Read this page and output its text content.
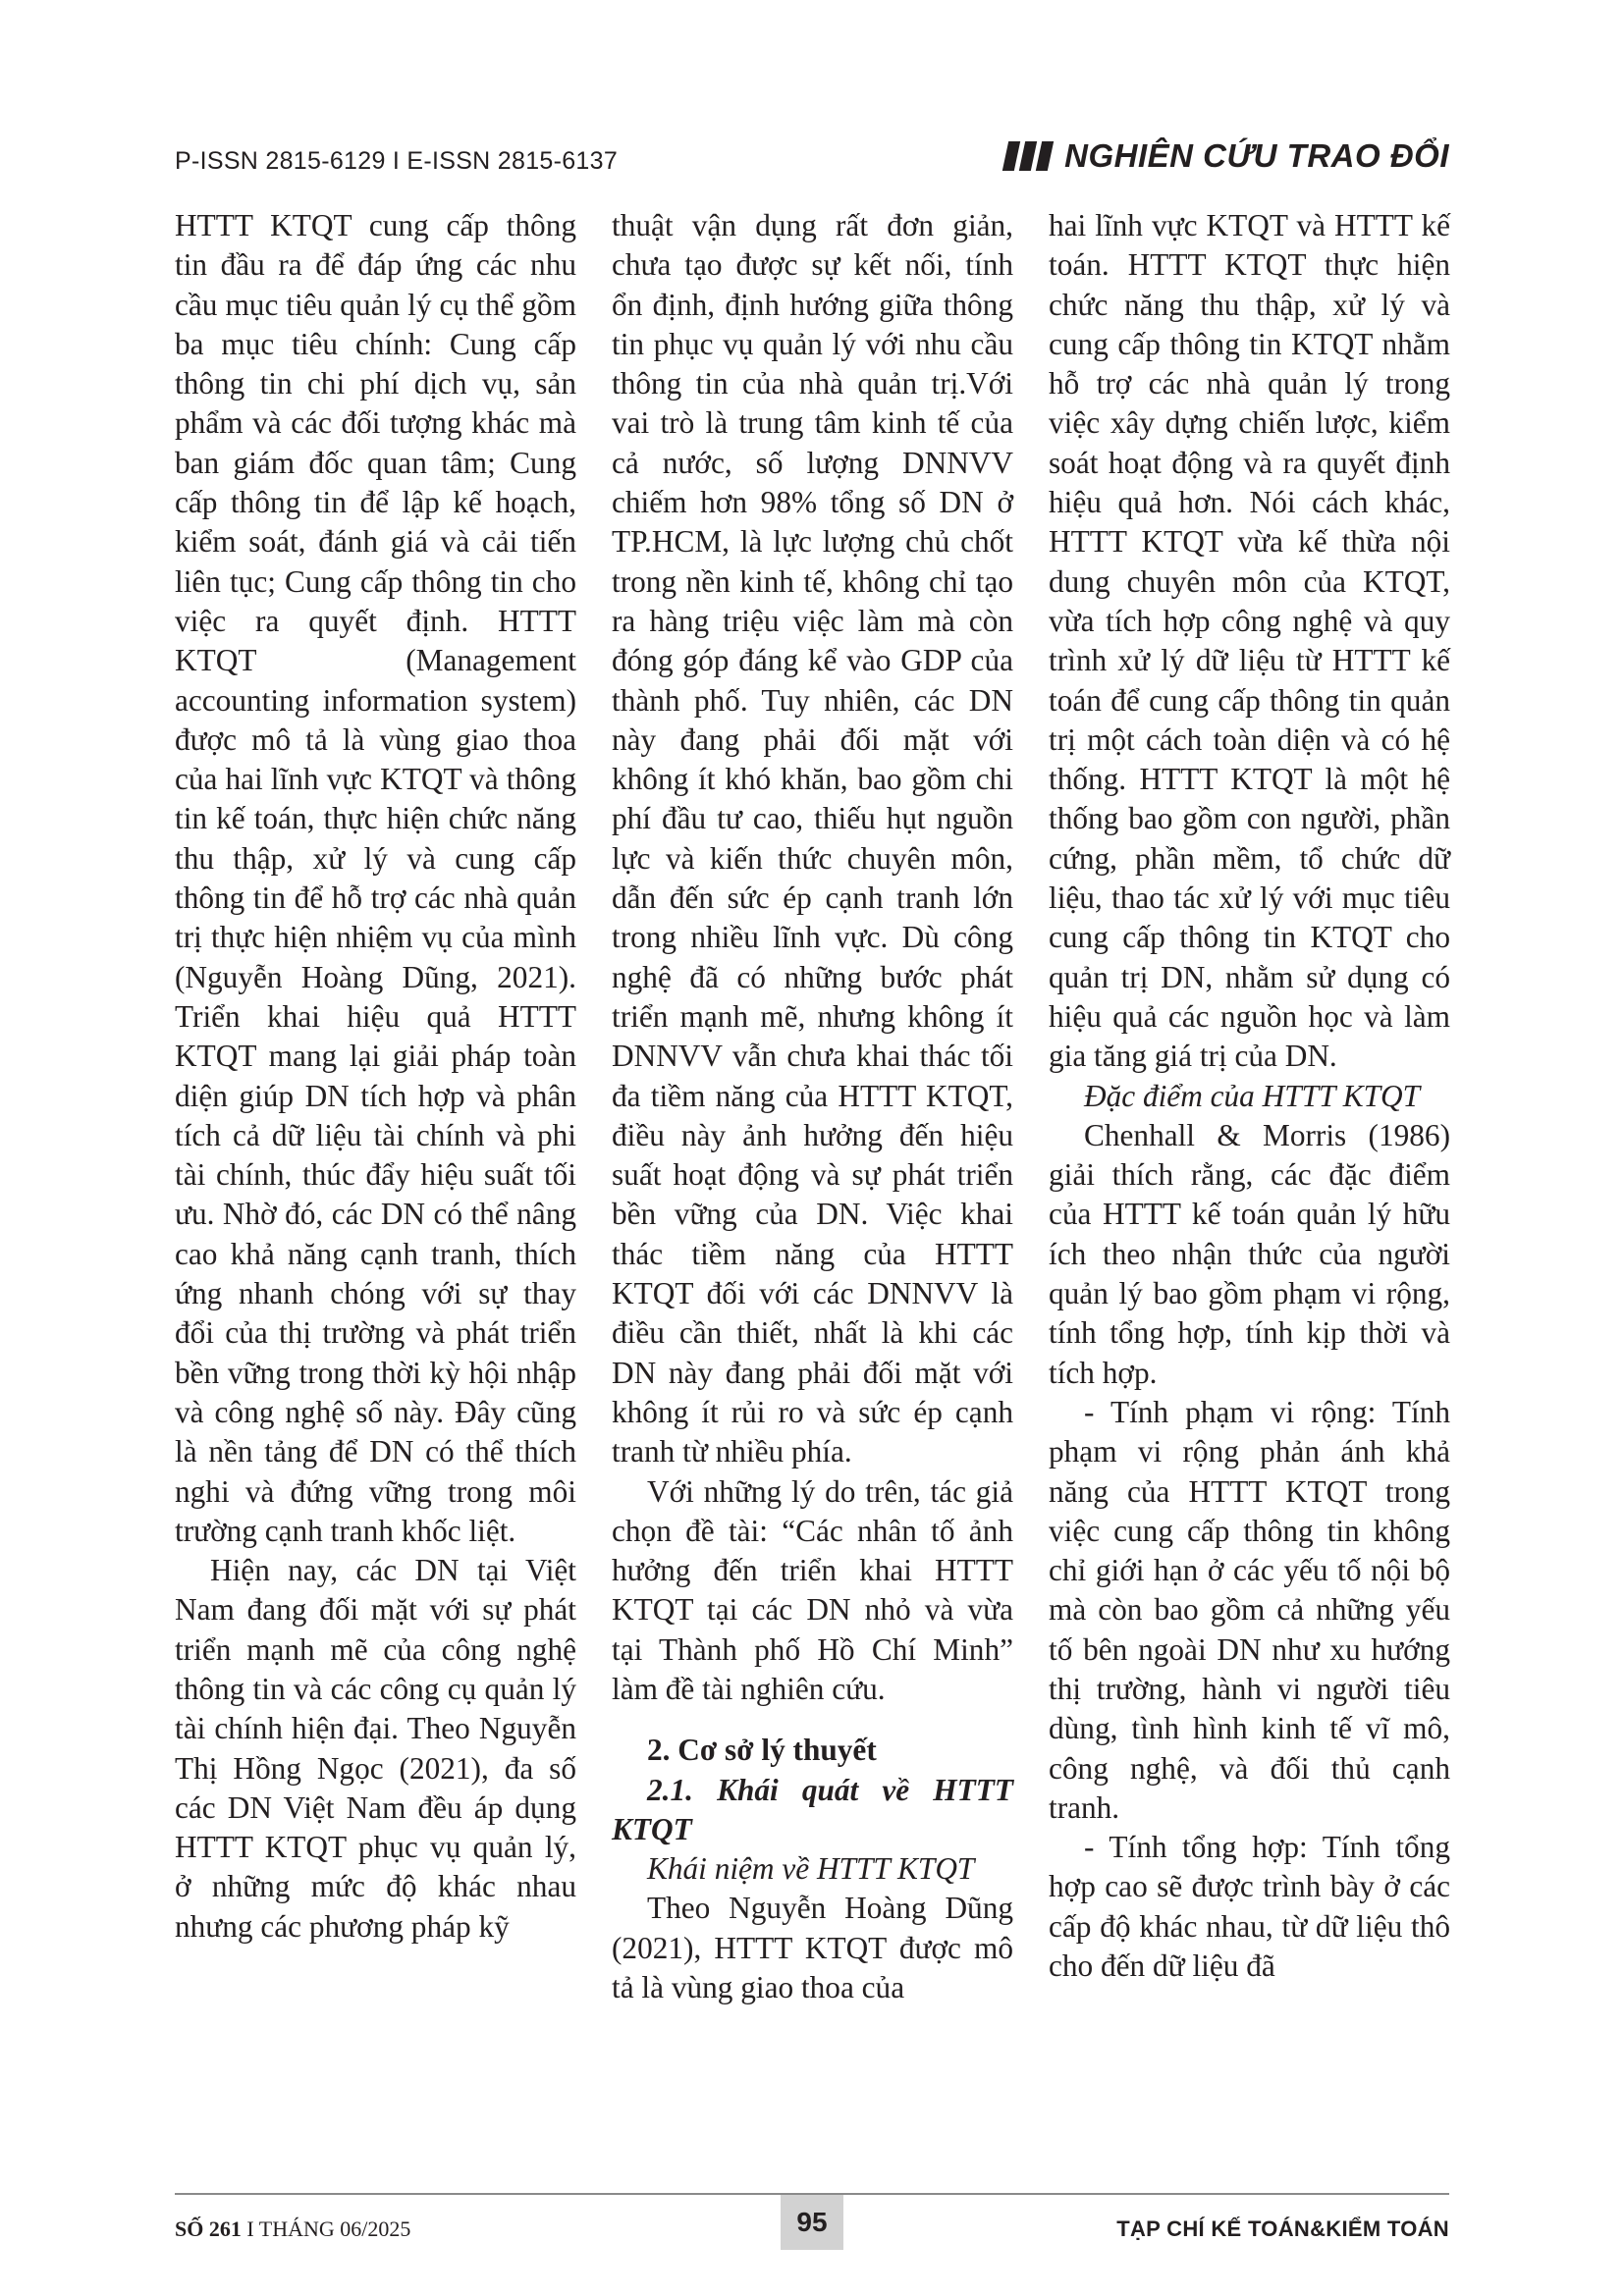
P-ISSN 2815-6129 I E-ISSN 2815-6137	NGHIÊN CỨU TRAO ĐỔI

HTTT KTQT cung cấp thông tin đầu ra để đáp ứng các nhu cầu mục tiêu quản lý cụ thể gồm ba mục tiêu chính: Cung cấp thông tin chi phí dịch vụ, sản phẩm và các đối tượng khác mà ban giám đốc quan tâm; Cung cấp thông tin để lập kế hoạch, kiểm soát, đánh giá và cải tiến liên tục; Cung cấp thông tin cho việc ra quyết định. HTTT KTQT (Management accounting information system) được mô tả là vùng giao thoa của hai lĩnh vực KTQT và thông tin kế toán, thực hiện chức năng thu thập, xử lý và cung cấp thông tin để hỗ trợ các nhà quản trị thực hiện nhiệm vụ của mình (Nguyễn Hoàng Dũng, 2021). Triển khai hiệu quả HTTT KTQT mang lại giải pháp toàn diện giúp DN tích hợp và phân tích cả dữ liệu tài chính và phi tài chính, thúc đẩy hiệu suất tối ưu. Nhờ đó, các DN có thể nâng cao khả năng cạnh tranh, thích ứng nhanh chóng với sự thay đổi của thị trường và phát triển bền vững trong thời kỳ hội nhập và công nghệ số này. Đây cũng là nền tảng để DN có thể thích nghi và đứng vững trong môi trường cạnh tranh khốc liệt.

Hiện nay, các DN tại Việt Nam đang đối mặt với sự phát triển mạnh mẽ của công nghệ thông tin và các công cụ quản lý tài chính hiện đại. Theo Nguyễn Thị Hồng Ngọc (2021), đa số các DN Việt Nam đều áp dụng HTTT KTQT phục vụ quản lý, ở những mức độ khác nhau nhưng các phương pháp kỹ

thuật vận dụng rất đơn giản, chưa tạo được sự kết nối, tính ổn định, định hướng giữa thông tin phục vụ quản lý với nhu cầu thông tin của nhà quản trị.Với vai trò là trung tâm kinh tế của cả nước, số lượng DNNVV chiếm hơn 98% tổng số DN ở TP.HCM, là lực lượng chủ chốt trong nền kinh tế, không chỉ tạo ra hàng triệu việc làm mà còn đóng góp đáng kể vào GDP của thành phố. Tuy nhiên, các DN này đang phải đối mặt với không ít khó khăn, bao gồm chi phí đầu tư cao, thiếu hụt nguồn lực và kiến thức chuyên môn, dẫn đến sức ép cạnh tranh lớn trong nhiều lĩnh vực. Dù công nghệ đã có những bước phát triển mạnh mẽ, nhưng không ít DNNVV vẫn chưa khai thác tối đa tiềm năng của HTTT KTQT, điều này ảnh hưởng đến hiệu suất hoạt động và sự phát triển bền vững của DN. Việc khai thác tiềm năng của HTTT KTQT đối với các DNNVV là điều cần thiết, nhất là khi các DN này đang phải đối mặt với không ít rủi ro và sức ép cạnh tranh từ nhiều phía.

Với những lý do trên, tác giả chọn đề tài: “Các nhân tố ảnh hưởng đến triển khai HTTT KTQT tại các DN nhỏ và vừa tại Thành phố Hồ Chí Minh” làm đề tài nghiên cứu.

2. Cơ sở lý thuyết

2.1. Khái quát về HTTT KTQT

Khái niệm về HTTT KTQT

Theo Nguyễn Hoàng Dũng (2021), HTTT KTQT được mô tả là vùng giao thoa của

hai lĩnh vực KTQT và HTTT kế toán. HTTT KTQT thực hiện chức năng thu thập, xử lý và cung cấp thông tin KTQT nhằm hỗ trợ các nhà quản lý trong việc xây dựng chiến lược, kiểm soát hoạt động và ra quyết định hiệu quả hơn. Nói cách khác, HTTT KTQT vừa kế thừa nội dung chuyên môn của KTQT, vừa tích hợp công nghệ và quy trình xử lý dữ liệu từ HTTT kế toán để cung cấp thông tin quản trị một cách toàn diện và có hệ thống. HTTT KTQT là một hệ thống bao gồm con người, phần cứng, phần mềm, tổ chức dữ liệu, thao tác xử lý với mục tiêu cung cấp thông tin KTQT cho quản trị DN, nhằm sử dụng có hiệu quả các nguồn học và làm gia tăng giá trị của DN.

Đặc điểm của HTTT KTQT

Chenhall & Morris (1986) giải thích rằng, các đặc điểm của HTTT kế toán quản lý hữu ích theo nhận thức của người quản lý bao gồm phạm vi rộng, tính tổng hợp, tính kịp thời và tích hợp.

- Tính phạm vi rộng: Tính phạm vi rộng phản ánh khả năng của HTTT KTQT trong việc cung cấp thông tin không chỉ giới hạn ở các yếu tố nội bộ mà còn bao gồm cả những yếu tố bên ngoài DN như xu hướng thị trường, hành vi người tiêu dùng, tình hình kinh tế vĩ mô, công nghệ, và đối thủ cạnh tranh.

- Tính tổng hợp: Tính tổng hợp cao sẽ được trình bày ở các cấp độ khác nhau, từ dữ liệu thô cho đến dữ liệu đã

SỐ 261 I THÁNG 06/2025	95	TẠP CHÍ KẾ TOÁN&KIỂM TOÁN
